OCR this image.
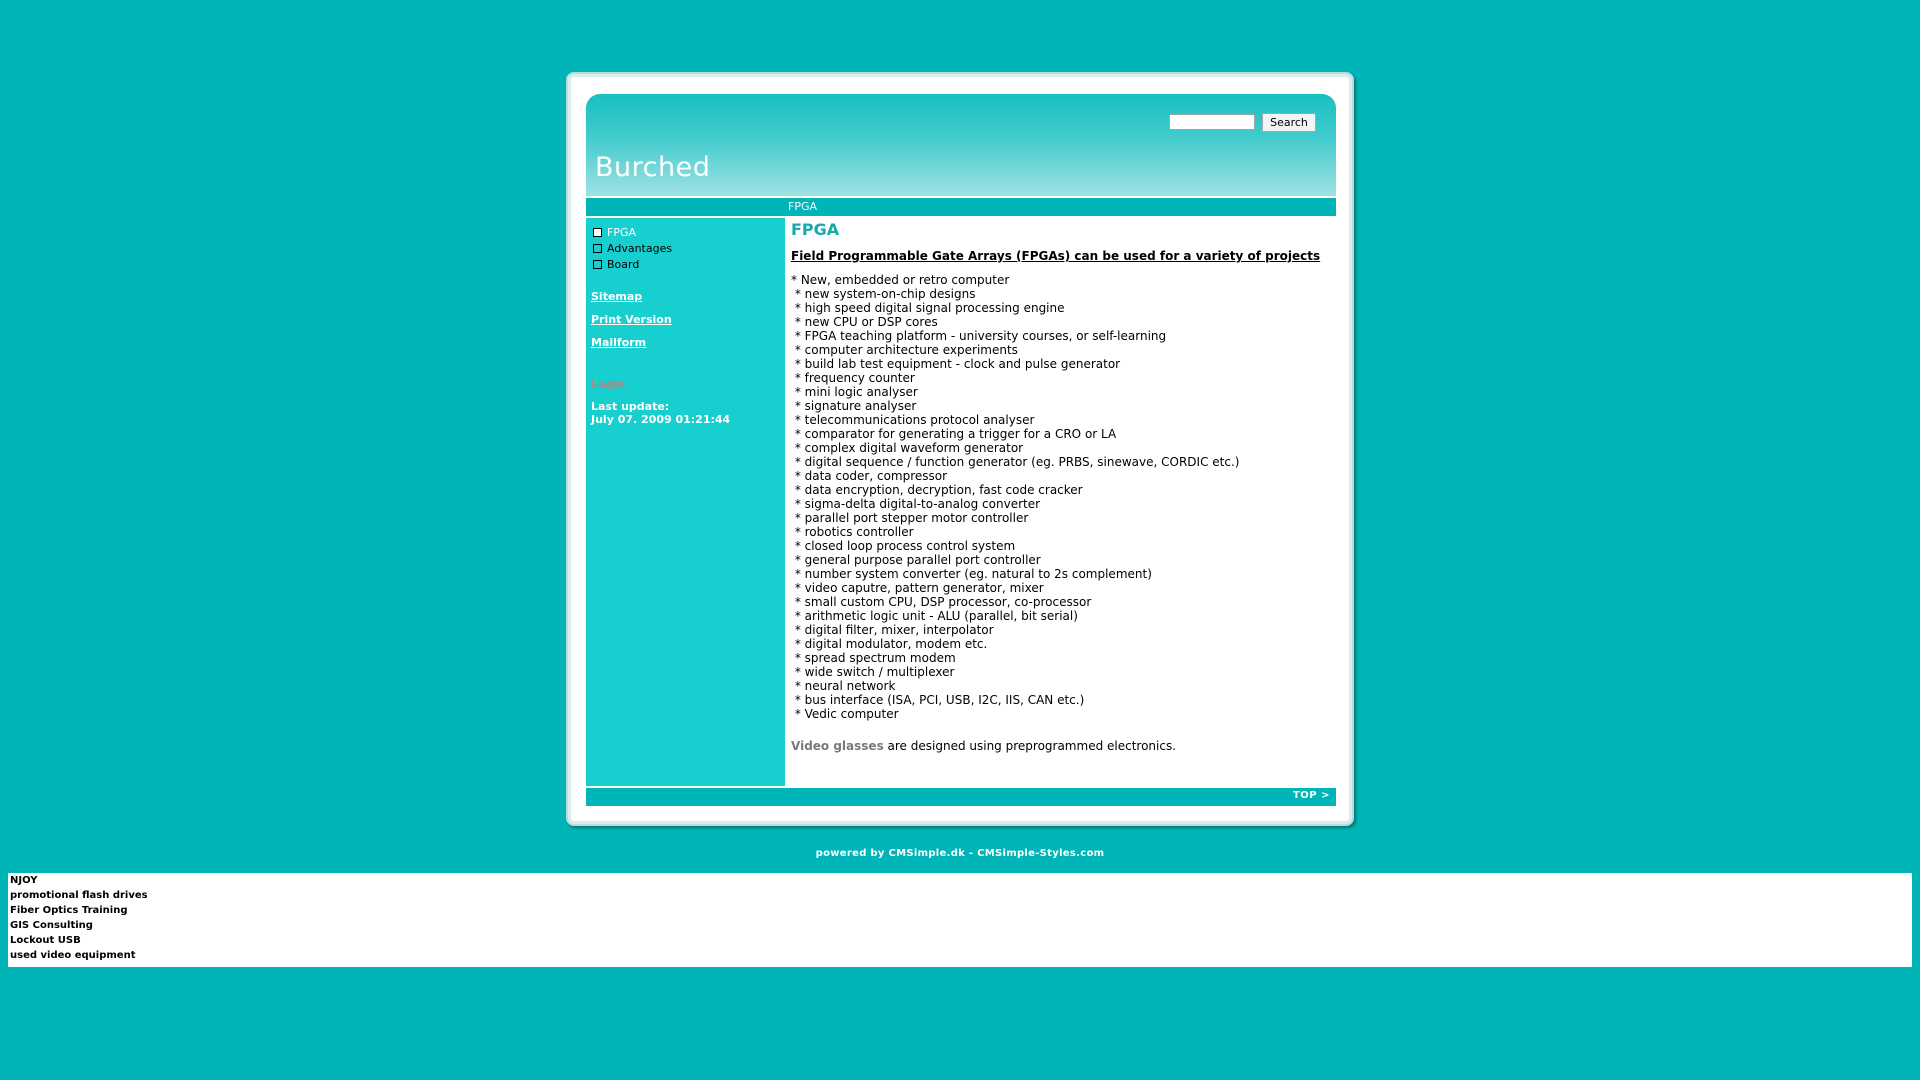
Burched
Search
FPGA
FPGA
Advantages
Board
Sitemap
Print Version
Mailform
Login
Last update:
July 07. 2009 01:21:44
FPGA
Field Programmable Gate Arrays (FPGAs) can be used for a variety of projects
* New, embedded or retro computer
* new system-on-chip designs
* high speed digital signal processing engine
* new CPU or DSP cores
* FPGA teaching platform - university courses, or self-learning
* computer architecture experiments
* build lab test equipment - clock and pulse generator
* frequency counter
* mini logic analyser
* signature analyser
* telecommunications protocol analyser
* comparator for generating a trigger for a CRO or LA
* complex digital waveform generator
* digital sequence / function generator (eg. PRBS, sinewave, CORDIC etc.)
* data coder, compressor
* data encryption, decryption, fast code cracker
* sigma-delta digital-to-analog converter
* parallel port stepper motor controller
* robotics controller
* closed loop process control system
* general purpose parallel port controller
* number system converter (eg. natural to 2s complement)
* video caputre, pattern generator, mixer
* small custom CPU, DSP processor, co-processor
* arithmetic logic unit - ALU (parallel, bit serial)
* digital filter, mixer, interpolator
* digital modulator, modem etc.
* spread spectrum modem
* wide switch / multiplexer
* neural network
* bus interface (ISA, PCI, USB, I2C, IIS, CAN etc.)
* Vedic computer
Video glasses are designed using preprogrammed electronics.
TOP >
powered by CMSimple.dk - CMSimple-Styles.com
NJOY
promotional flash drives
Fiber Optics Training
GIS Consulting
Lockout USB
used video equipment
